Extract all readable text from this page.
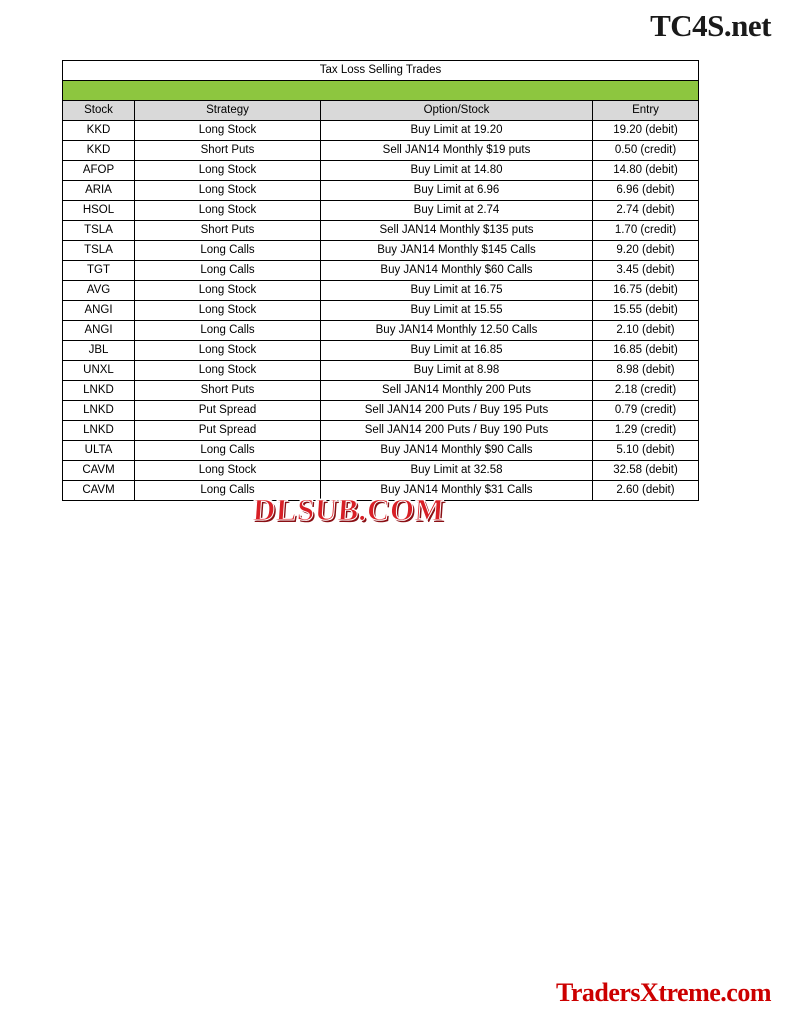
TC4S.net
Tax Loss Selling Trades			

Stock	Strategy	Option/Stock	Entry
KKD	Long Stock	Buy Limit at 19.20	19.20 (debit)
KKD	Short Puts	Sell JAN14 Monthly $19 puts	0.50 (credit)
AFOP	Long Stock	Buy Limit at 14.80	14.80 (debit)
ARIA	Long Stock	Buy Limit at 6.96	6.96 (debit)
HSOL	Long Stock	Buy Limit at 2.74	2.74 (debit)
TSLA	Short Puts	Sell JAN14 Monthly $135 puts	1.70 (credit)
TSLA	Long Calls	Buy JAN14 Monthly $145 Calls	9.20 (debit)
TGT	Long Calls	Buy JAN14 Monthly $60 Calls	3.45 (debit)
AVG	Long Stock	Buy Limit at 16.75	16.75 (debit)
ANGI	Long Stock	Buy Limit at 15.55	15.55 (debit)
ANGI	Long Calls	Buy JAN14 Monthly 12.50 Calls	2.10 (debit)
JBL	Long Stock	Buy Limit at 16.85	16.85 (debit)
UNXL	Long Stock	Buy Limit at 8.98	8.98 (debit)
LNKD	Short Puts	Sell JAN14 Monthly 200 Puts	2.18 (credit)
LNKD	Put Spread	Sell JAN14 200 Puts / Buy 195 Puts	0.79 (credit)
LNKD	Put Spread	Sell JAN14 200 Puts / Buy 190 Puts	1.29 (credit)
ULTA	Long Calls	Buy JAN14 Monthly $90 Calls	5.10 (debit)
CAVM	Long Stock	Buy Limit at 32.58	32.58 (debit)
CAVM	Long Calls	Buy JAN14 Monthly $31 Calls	2.60 (debit)
DLSUB.COM
TradersXtreme.com
